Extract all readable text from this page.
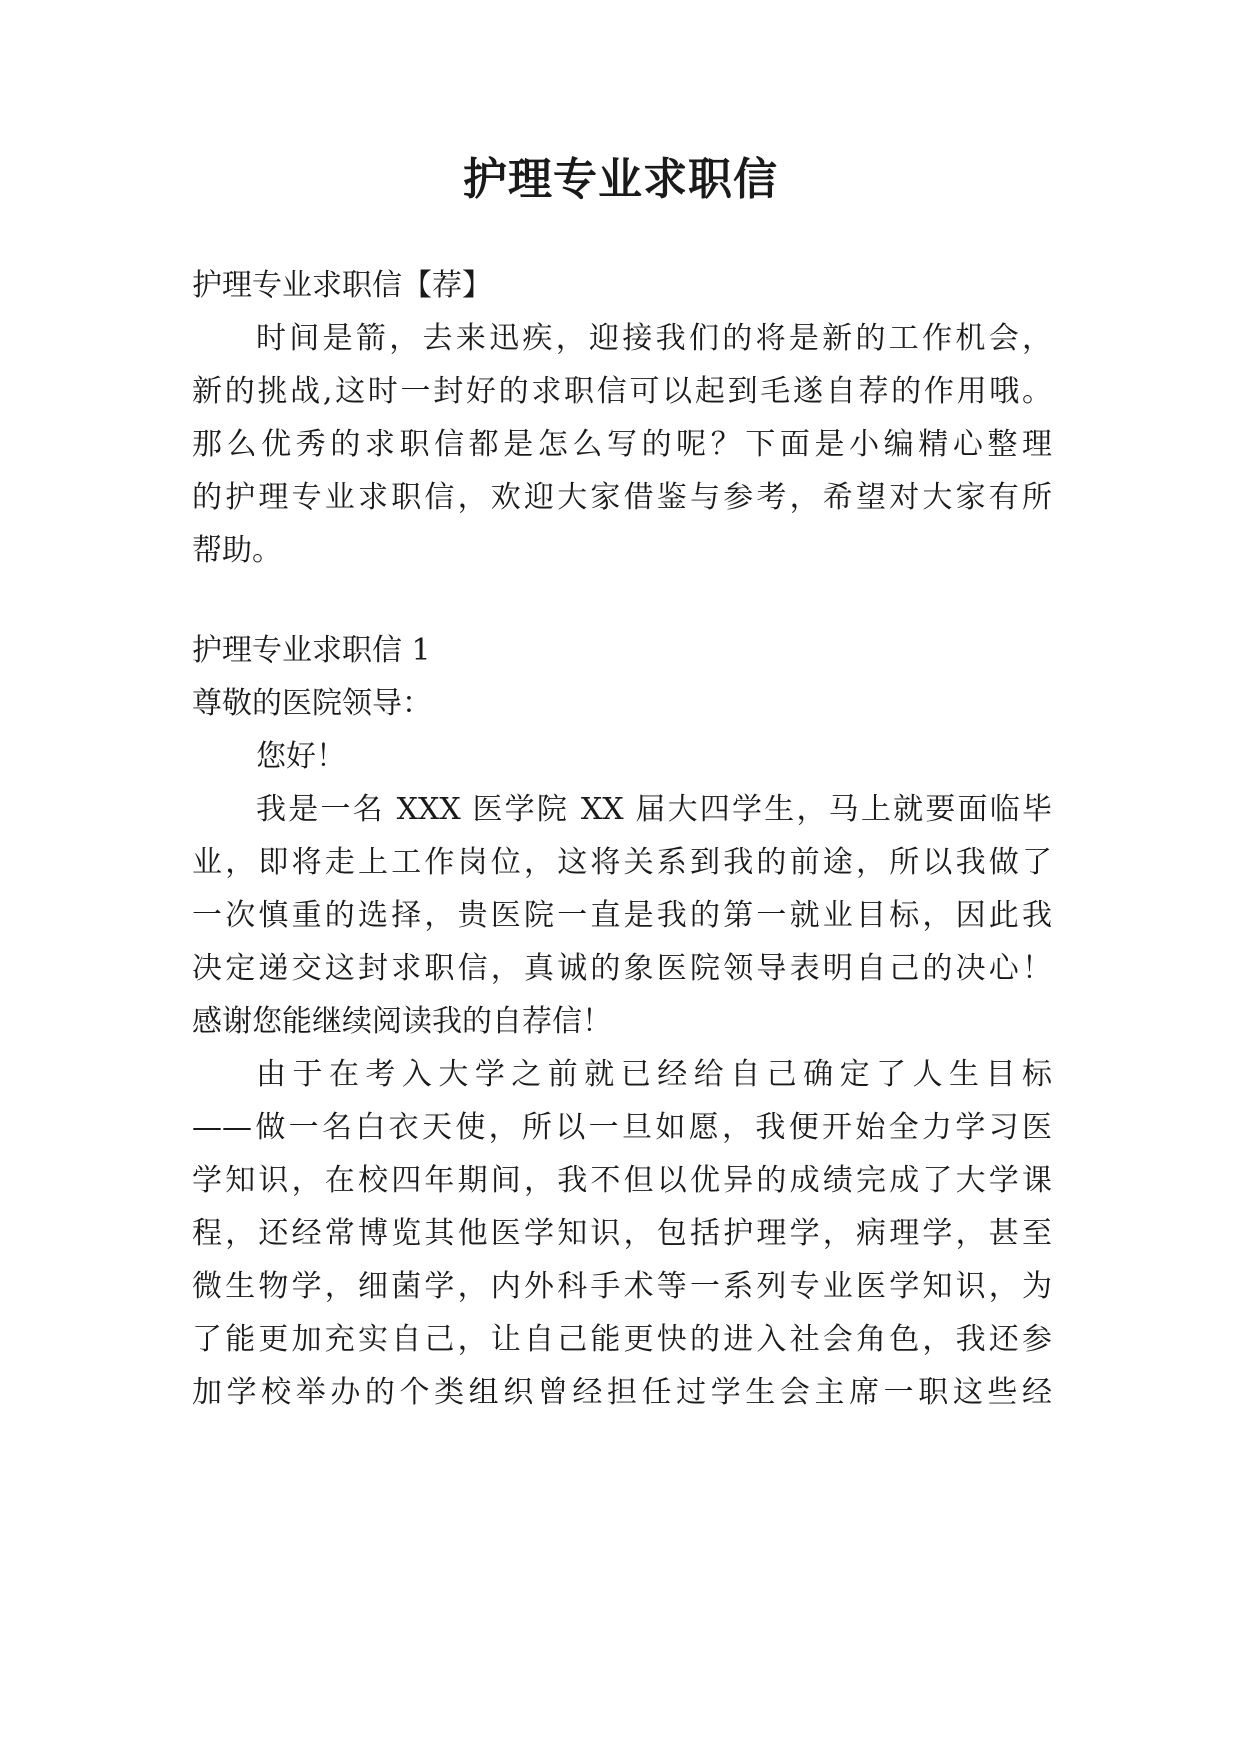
护理专业求职信

护理专业求职信【荐】

时间是箭，去来迅疾，迎接我们的将是新的工作机会，

新的挑战,这时一封好的求职信可以起到毛遂自荐的作用哦。

那么优秀的求职信都是怎么写的呢？下面是小编精心整理

的护理专业求职信，欢迎大家借鉴与参考，希望对大家有所

帮助。

护理专业求职信 1

尊敬的医院领导：

您好！

我是一名 XXX 医学院 XX 届大四学生，马上就要面临毕

业，即将走上工作岗位，这将关系到我的前途，所以我做了

一次慎重的选择，贵医院一直是我的第一就业目标，因此我

决定递交这封求职信，真诚的象医院领导表明自己的决心！

感谢您能继续阅读我的自荐信！

由于在考入大学之前就已经给自己确定了人生目标

——做一名白衣天使，所以一旦如愿，我便开始全力学习医

学知识，在校四年期间，我不但以优异的成绩完成了大学课

程，还经常博览其他医学知识，包括护理学，病理学，甚至

微生物学，细菌学，内外科手术等一系列专业医学知识，为

了能更加充实自己，让自己能更快的进入社会角色，我还参

加学校举办的个类组织曾经担任过学生会主席一职这些经
